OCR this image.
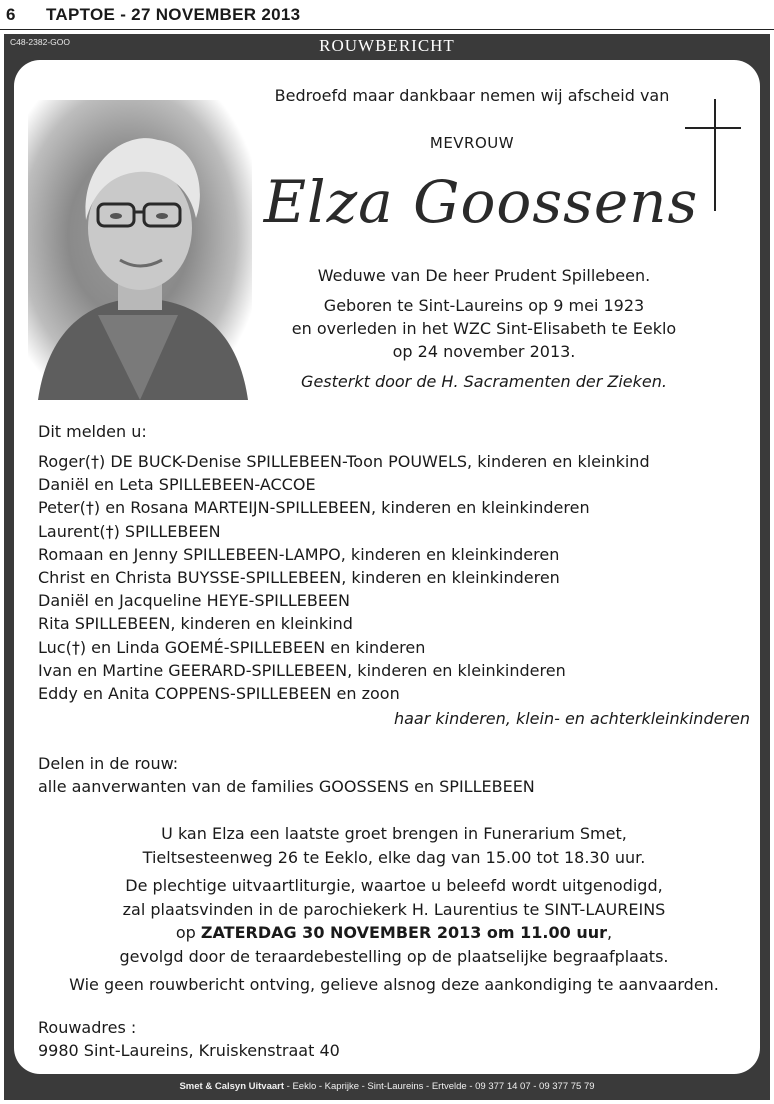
6 TAPTOE - 27 NOVEMBER 2013
C48-2382-GOO	ROUWBERICHT
Bedroefd maar dankbaar nemen wij afscheid van
MEVROUW
Elza Goossens
Weduwe van De heer Prudent Spillebeen.
Geboren te Sint-Laureins op 9 mei 1923
en overleden in het WZC Sint-Elisabeth te Eeklo
op 24 november 2013.
Gesterkt door de H. Sacramenten der Zieken.
Dit melden u:
Roger(†) DE BUCK-Denise SPILLEBEEN-Toon POUWELS, kinderen en kleinkind
Daniël en Leta SPILLEBEEN-ACCOE
Peter(†) en Rosana MARTEIJN-SPILLEBEEN, kinderen en kleinkinderen
Laurent(†) SPILLEBEEN
Romaan en Jenny SPILLEBEEN-LAMPO, kinderen en kleinkinderen
Christ en Christa BUYSSE-SPILLEBEEN, kinderen en kleinkinderen
Daniël en Jacqueline HEYE-SPILLEBEEN
Rita SPILLEBEEN, kinderen en kleinkind
Luc(†) en Linda GOEMÉ-SPILLEBEEN en kinderen
Ivan en Martine GEERARD-SPILLEBEEN, kinderen en kleinkinderen
Eddy en Anita COPPENS-SPILLEBEEN en zoon
haar kinderen, klein- en achterkleinkinderen
Delen in de rouw:
alle aanverwanten van de families GOOSSENS en SPILLEBEEN
U kan Elza een laatste groet brengen in Funerarium Smet,
Tieltsesteenweg 26 te Eeklo, elke dag van 15.00 tot 18.30 uur.
De plechtige uitvaartliturgie, waartoe u beleefd wordt uitgenodigd,
zal plaatsvinden in de parochiekerk H. Laurentius te SINT-LAUREINS
op ZATERDAG 30 NOVEMBER 2013 om 11.00 uur,
gevolgd door de teraardebestelling op de plaatselijke begraafplaats.
Wie geen rouwbericht ontving, gelieve alsnog deze aankondiging te aanvaarden.
Rouwadres :
9980 Sint-Laureins, Kruiskenstraat 40
Smet & Calsyn Uitvaart - Eeklo - Kaprijke - Sint-Laureins - Ertvelde - 09 377 14 07 - 09 377 75 79
